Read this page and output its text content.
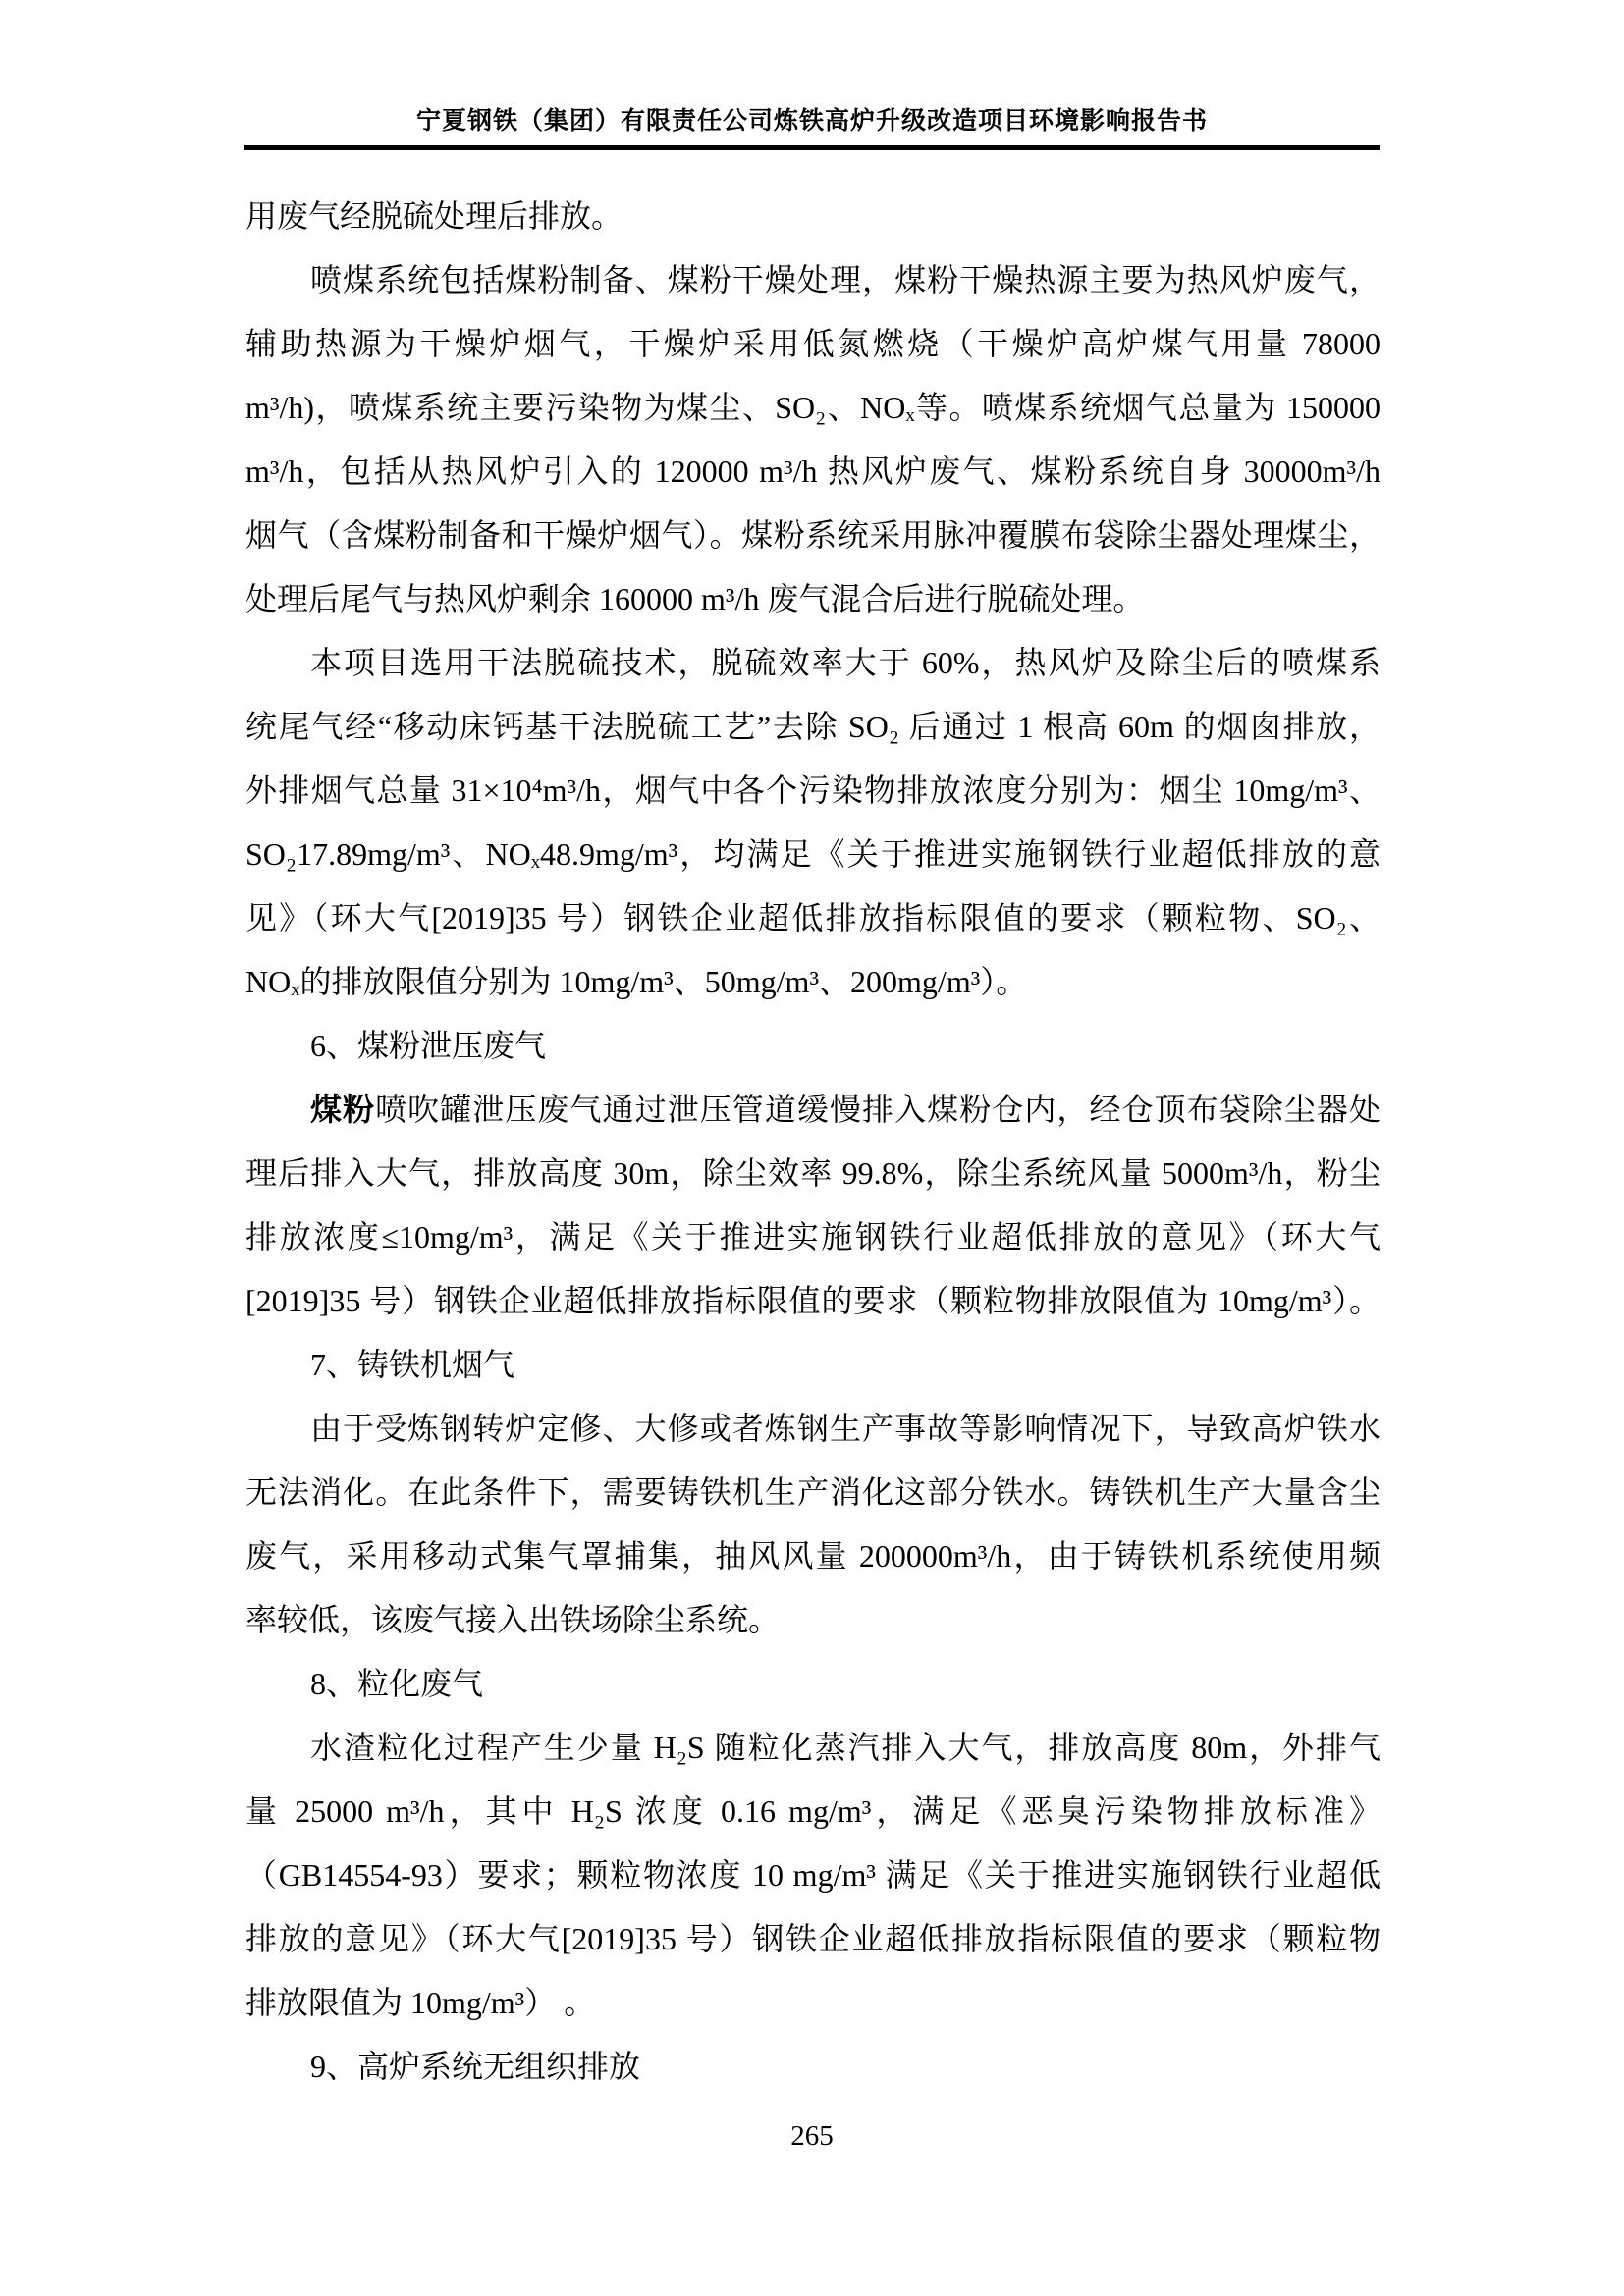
宁夏钢铁（集团）有限责任公司炼铁高炉升级改造项目环境影响报告书
用废气经脱硫处理后排放。
喷煤系统包括煤粉制备、煤粉干燥处理，煤粉干燥热源主要为热风炉废气，
辅助热源为干燥炉烟气，干燥炉采用低氮燃烧（干燥炉高炉煤气用量 78000
m³/h)，喷煤系统主要污染物为煤尘、SO₂、NOₓ等。喷煤系统烟气总量为 150000
m³/h，包括从热风炉引入的 120000 m³/h 热风炉废气、煤粉系统自身 30000m³/h
烟气（含煤粉制备和干燥炉烟气）。煤粉系统采用脉冲覆膜布袋除尘器处理煤尘，
处理后尾气与热风炉剩余 160000 m³/h 废气混合后进行脱硫处理。
本项目选用干法脱硫技术，脱硫效率大于 60%，热风炉及除尘后的喷煤系
统尾气经“移动床钙基干法脱硫工艺”去除 SO₂ 后通过 1 根高 60m 的烟囱排放，
外排烟气总量 31×10⁴m³/h，烟气中各个污染物排放浓度分别为：烟尘 10mg/m³、
SO₂17.89mg/m³、NOₓ48.9mg/m³，均满足《关于推进实施钢铁行业超低排放的意
见》（环大气[2019]35 号）钢铁企业超低排放指标限值的要求（颗粒物、SO₂、
NOₓ的排放限值分别为 10mg/m³、50mg/m³、200mg/m³）。
6、煤粉泄压废气
煤粉喷吹罐泄压废气通过泄压管道缓慢排入煤粉仓内，经仓顶布袋除尘器处
理后排入大气，排放高度 30m，除尘效率 99.8%，除尘系统风量 5000m³/h，粉尘
排放浓度≤10mg/m³，满足《关于推进实施钢铁行业超低排放的意见》（环大气
[2019]35 号）钢铁企业超低排放指标限值的要求（颗粒物排放限值为 10mg/m³）。
7、铸铁机烟气
由于受炼钢转炉定修、大修或者炼钢生产事故等影响情况下，导致高炉铁水
无法消化。在此条件下，需要铸铁机生产消化这部分铁水。铸铁机生产大量含尘
废气，采用移动式集气罩捕集，抽风风量 200000m³/h，由于铸铁机系统使用频
率较低，该废气接入出铁场除尘系统。
8、粒化废气
水渣粒化过程产生少量 H₂S 随粒化蒸汽排入大气，排放高度 80m，外排气
量 25000 m³/h，其中 H₂S 浓度 0.16 mg/m³，满足《恶臭污染物排放标准》
（GB14554-93）要求；颗粒物浓度 10 mg/m³ 满足《关于推进实施钢铁行业超低
排放的意见》（环大气[2019]35 号）钢铁企业超低排放指标限值的要求（颗粒物
排放限值为 10mg/m³） 。
9、高炉系统无组织排放
265
